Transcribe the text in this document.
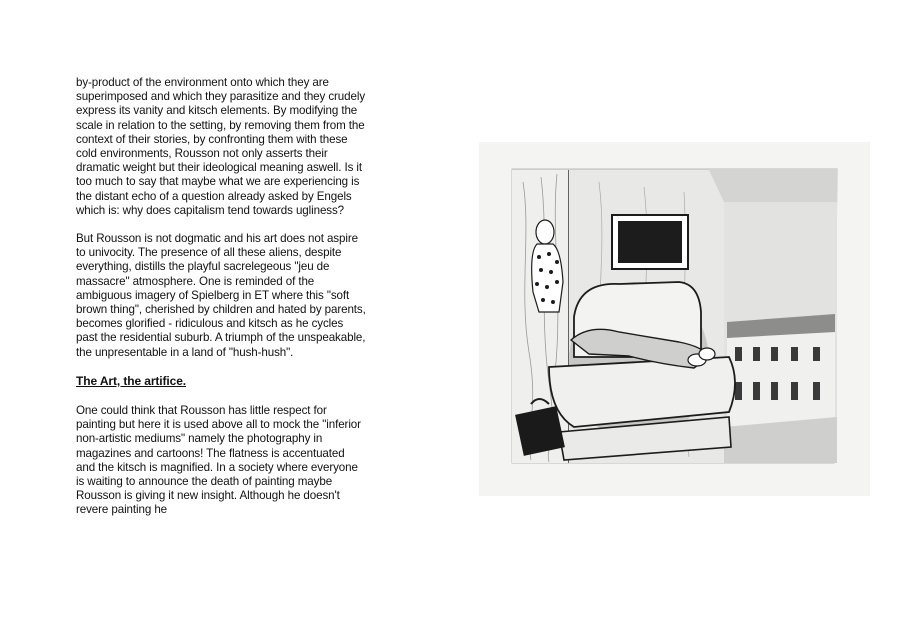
by-product of the environment onto which they are superimposed and which they parasitize and they crudely express its vanity and kitsch elements. By modifying the scale in relation to the setting, by removing them from the context of their stories, by confronting them with these cold environments, Rousson not only asserts their dramatic weight but their ideological meaning aswell. Is it too much to say that maybe what we are experiencing is the distant echo of a question already asked by Engels which is: why does capitalism tend towards ugliness?

But Rousson is not dogmatic and his art does not aspire to univocity. The presence of all these aliens, despite everything, distills the playful sacrelegeous "jeu de massacre" atmosphere. One is reminded of the ambiguous imagery of Spielberg in ET where this "soft brown thing", cherished by children and hated by parents, becomes glorified - ridiculous and kitsch as he cycles past the residential suburb. A triumph of the unspeakable, the unpresentable in a land of "hush-hush".

The Art, the artifice.

One could think that Rousson has little respect for painting but here it is used above all to mock the "inferior non-artistic mediums" namely the photography in magazines and cartoons! The flatness is accentuated and the kitsch is magnified. In a society where everyone is waiting to announce the death of painting maybe Rousson is giving it new insight. Although he doesn't revere painting he
